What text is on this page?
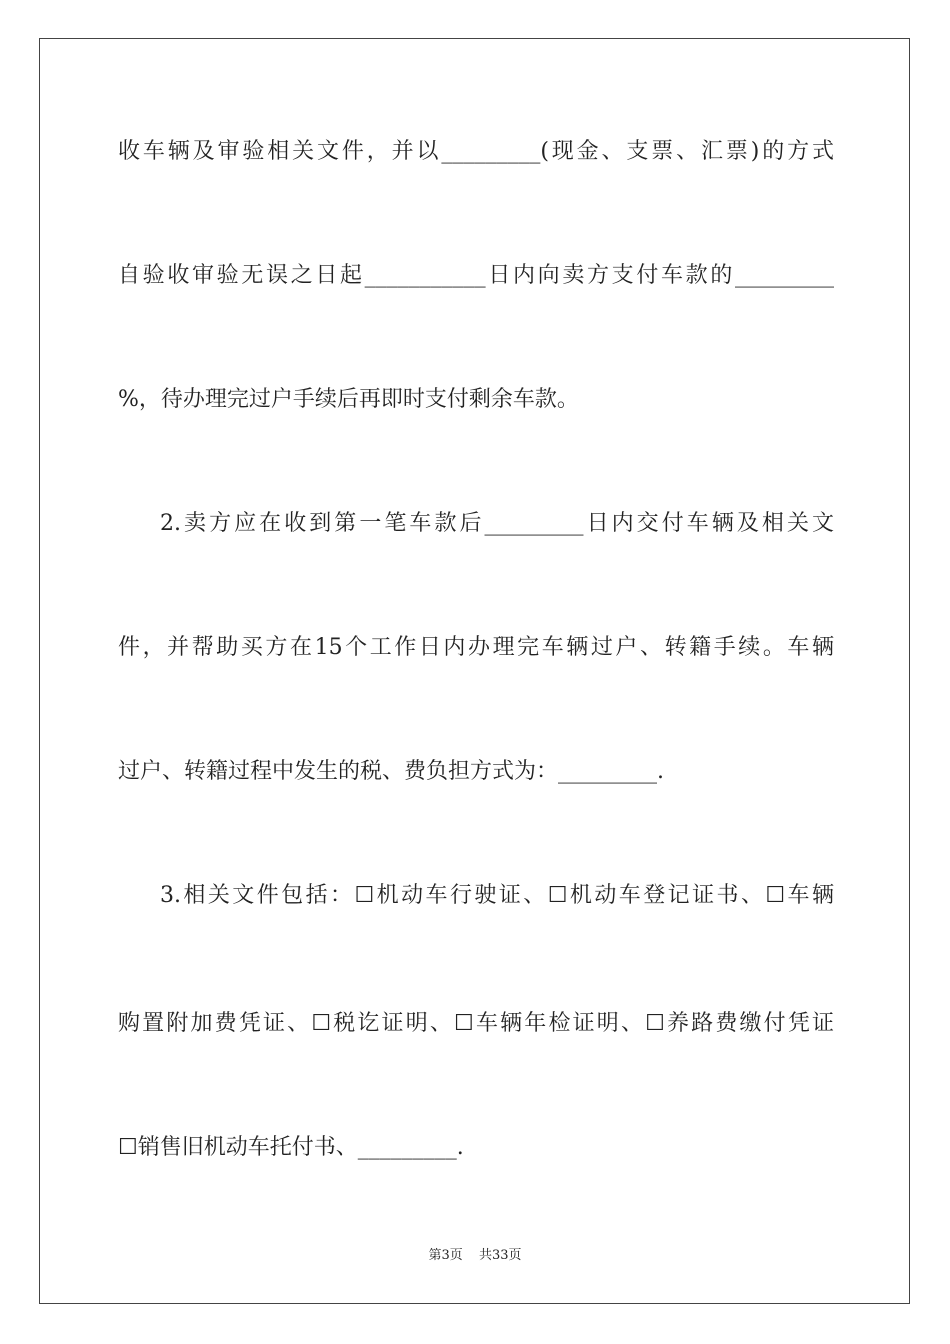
收车辆及审验相关文件，并以_________(现金、支票、汇票)的方式

自验收审验无误之日起___________日内向卖方支付车款的_________

%，待办理完过户手续后再即时支付剩余车款。

2.卖方应在收到第一笔车款后_________日内交付车辆及相关文

件，并帮助买方在15个工作日内办理完车辆过户、转籍手续。车辆

过户、转籍过程中发生的税、费负担方式为：_________.

3.相关文件包括：☐机动车行驶证、☐机动车登记证书、☐车辆

购置附加费凭证、☐税讫证明、☐车辆年检证明、☐养路费缴付凭证

☐销售旧机动车托付书、_________.

第3页 共33页
